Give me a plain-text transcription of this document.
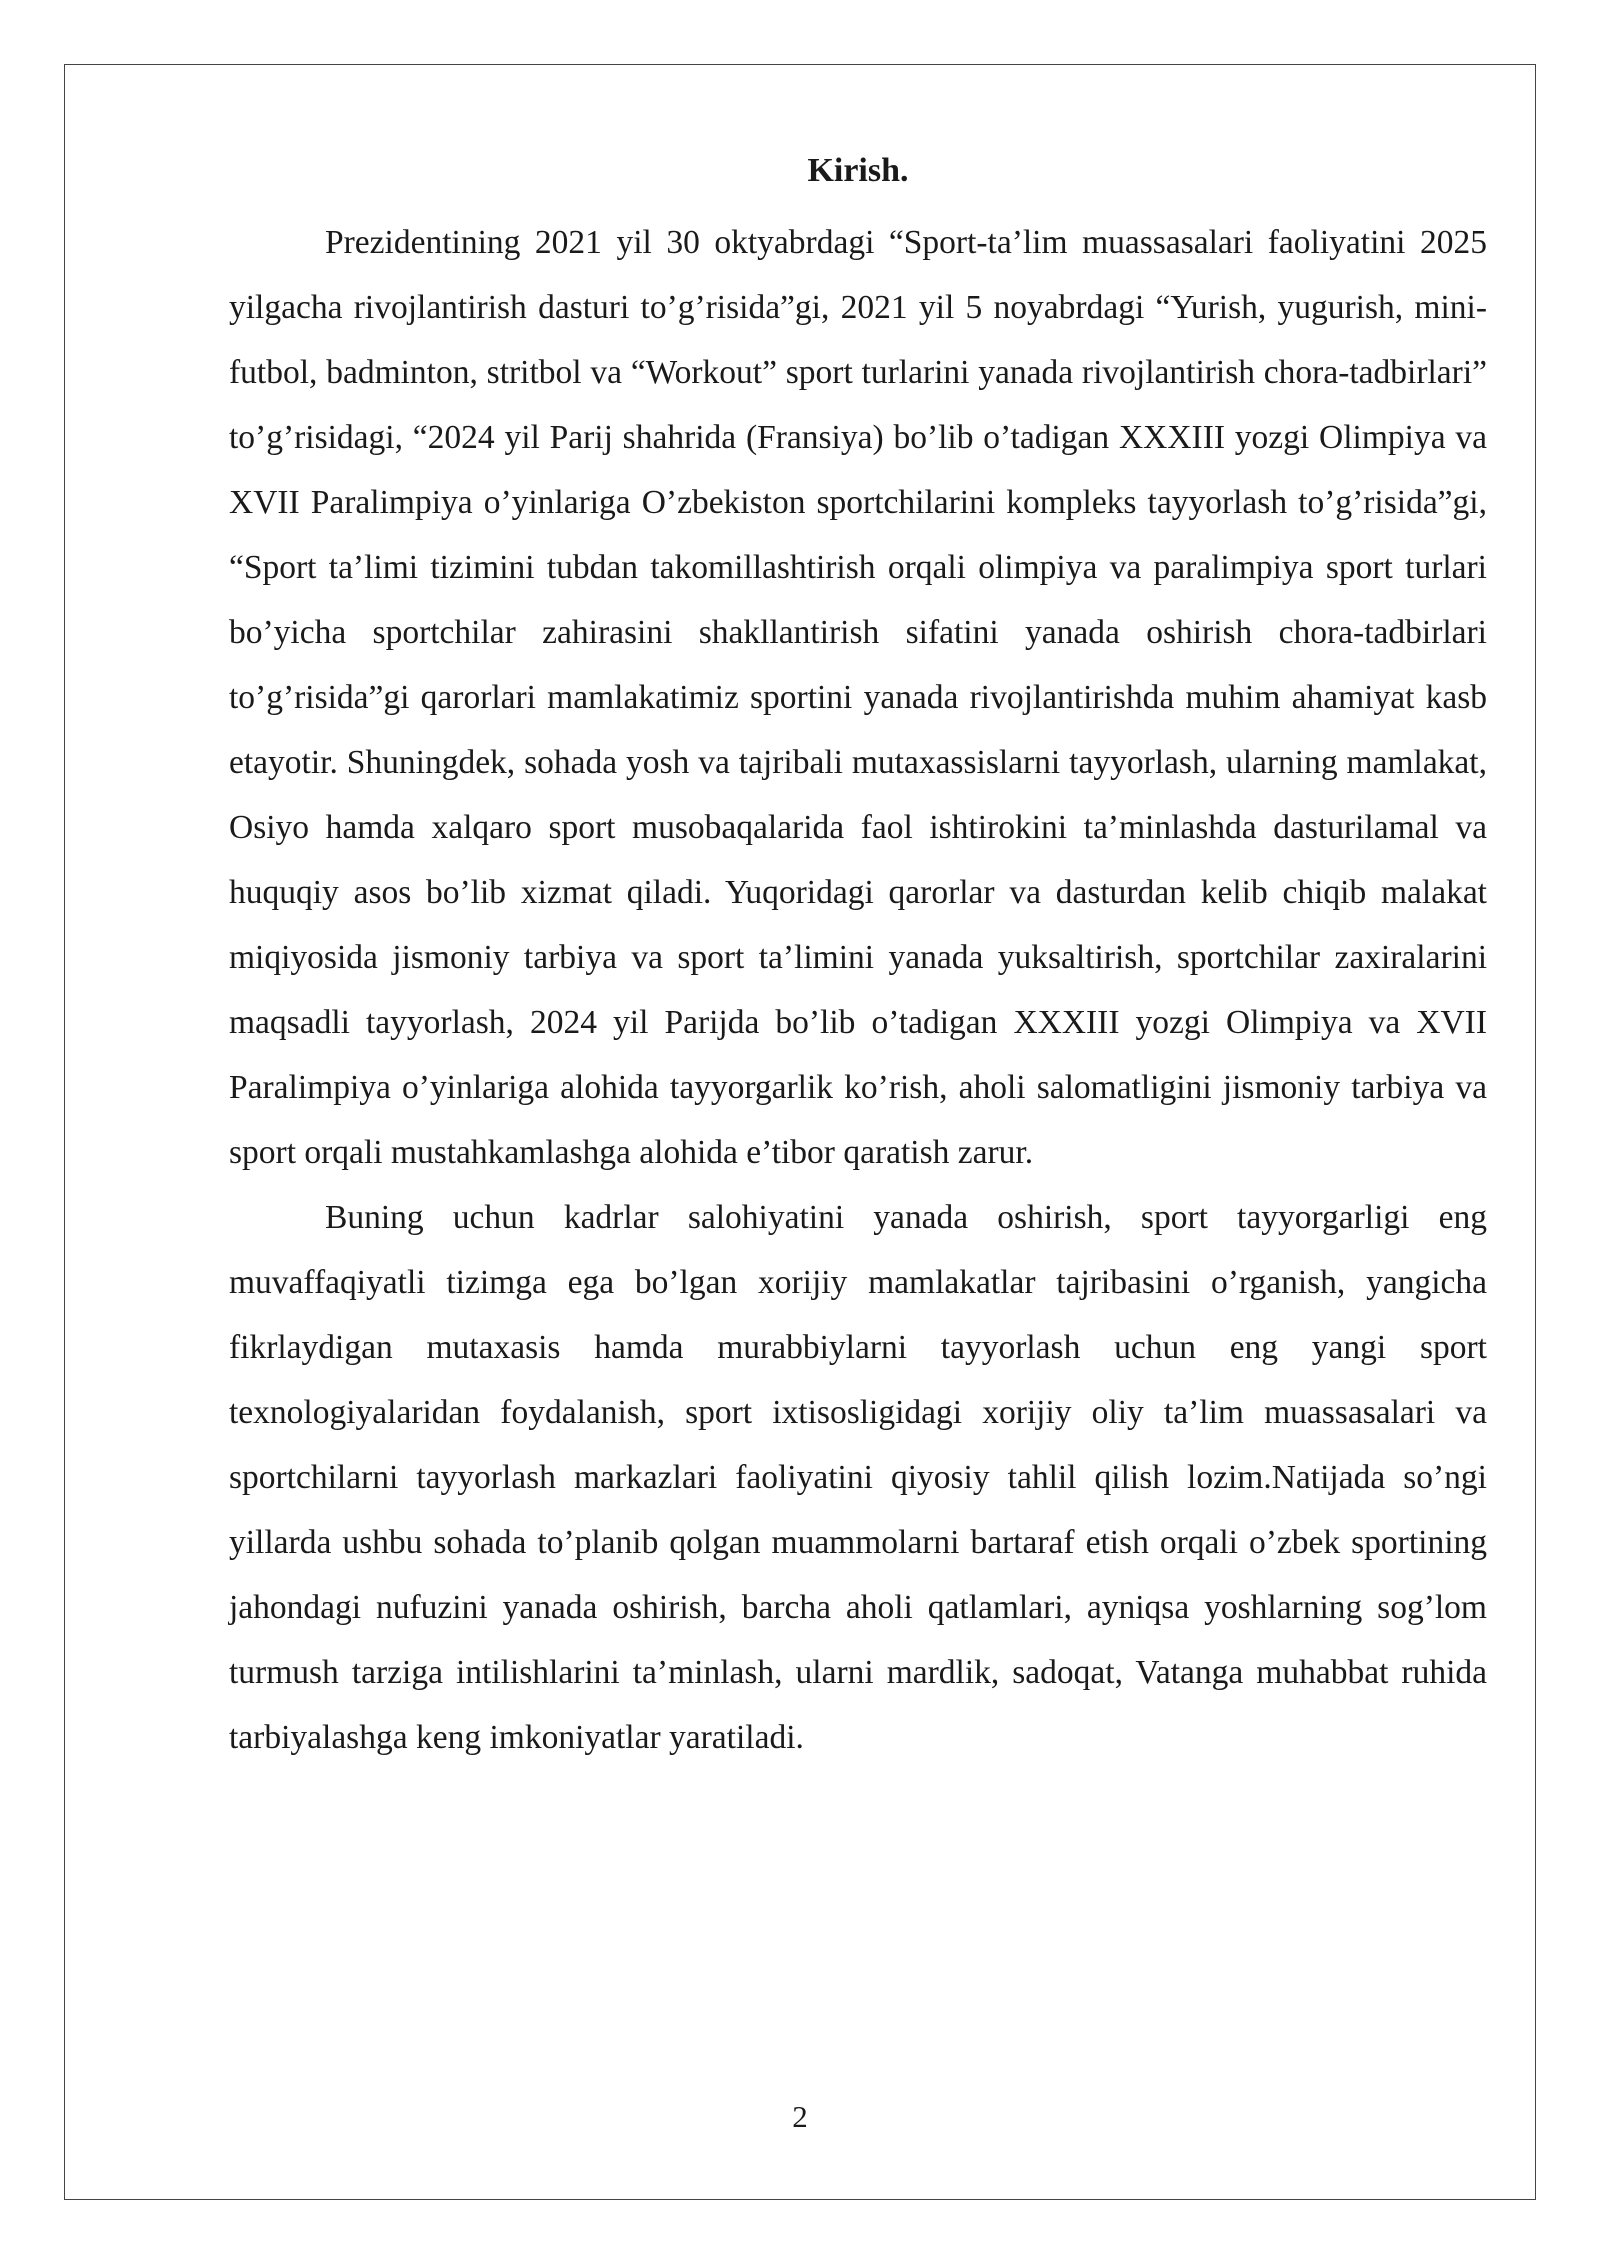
Kirish.

Prezidentining 2021 yil 30 oktyabrdagi “Sport-ta’lim muassasalari faoliyatini 2025 yilgacha rivojlantirish dasturi to’g’risida”gi, 2021 yil 5 noyabrdagi “Yurish, yugurish, mini-futbol, badminton, stritbol va “Workout” sport turlarini yanada rivojlantirish chora-tadbirlari” to’g’risidagi, “2024 yil Parij shahrida (Fransiya) bo’lib o’tadigan XXXIII yozgi Olimpiya va XVII Paralimpiya o’yinlariga O’zbekiston sportchilarini kompleks tayyorlash to’g’risida”gi, “Sport ta’limi tizimini tubdan takomillashtirish orqali olimpiya va paralimpiya sport turlari bo’yicha sportchilar zahirasini shakllantirish sifatini yanada oshirish chora-tadbirlari to’g’risida”gi qarorlari mamlakatimiz sportini yanada rivojlantirishda muhim ahamiyat kasb etayotir. Shuningdek, sohada yosh va tajribali mutaxassislarni tayyorlash, ularning mamlakat, Osiyo hamda xalqaro sport musobaqalarida faol ishtirokini ta’minlashda dasturilamal va huquqiy asos bo’lib xizmat qiladi. Yuqoridagi qarorlar va dasturdan kelib chiqib malakat miqiyosida jismoniy tarbiya va sport ta’limini yanada yuksaltirish, sportchilar zaxiralarini maqsadli tayyorlash, 2024 yil Parijda bo’lib o’tadigan XXXIII yozgi Olimpiya va XVII Paralimpiya o’yinlariga alohida tayyorgarlik ko’rish, aholi salomatligini jismoniy tarbiya va sport orqali mustahkamlashga alohida e’tibor qaratish zarur.

Buning uchun kadrlar salohiyatini yanada oshirish, sport tayyorgarligi eng muvaffaqiyatli tizimga ega bo’lgan xorijiy mamlakatlar tajribasini o’rganish, yangicha fikrlaydigan mutaxasis hamda murabbiylarni tayyorlash uchun eng yangi sport texnologiyalaridan foydalanish, sport ixtisosligidagi xorijiy oliy ta’lim muassasalari va sportchilarni tayyorlash markazlari faoliyatini qiyosiy tahlil qilish lozim.Natijada so’ngi yillarda ushbu sohada to’planib qolgan muammolarni bartaraf etish orqali o’zbek sportining jahondagi nufuzini yanada oshirish, barcha aholi qatlamlari, ayniqsa yoshlarning sog’lom turmush tarziga intilishlarini ta’minlash, ularni mardlik, sadoqat, Vatanga muhabbat ruhida tarbiyalashga keng imkoniyatlar yaratiladi.

2
